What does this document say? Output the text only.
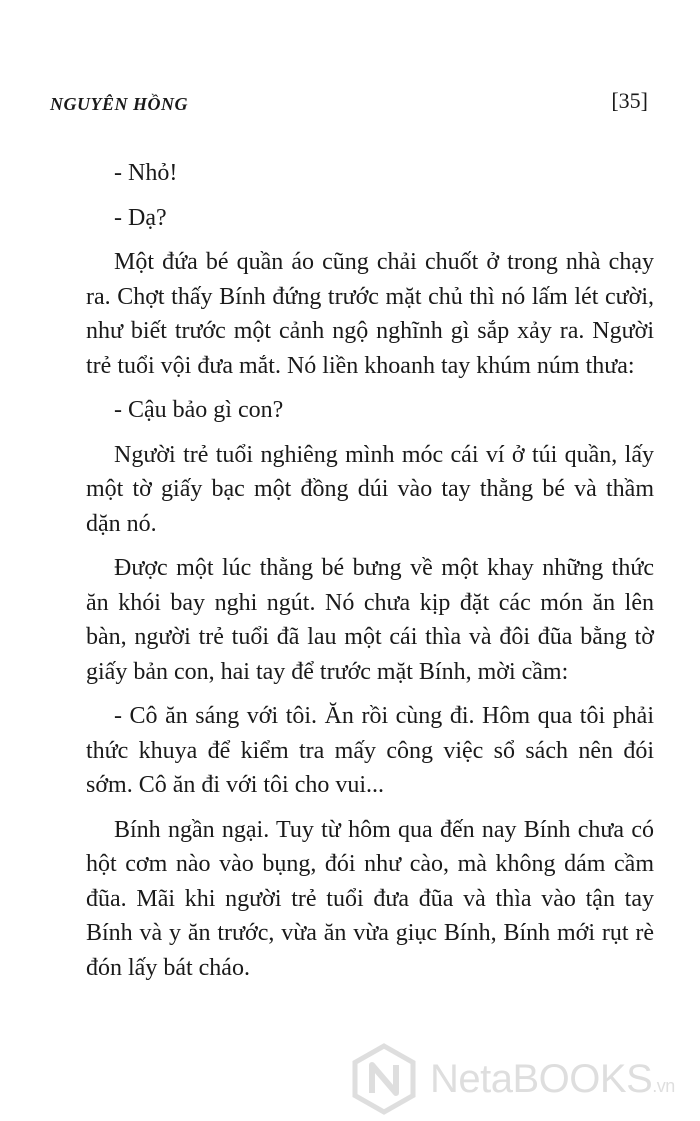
NGUYÊN HỒNG	[35]

- Nhỏ!

- Dạ?

Một đứa bé quần áo cũng chải chuốt ở trong nhà chạy ra. Chợt thấy Bính đứng trước mặt chủ thì nó lấm lét cười, như biết trước một cảnh ngộ nghĩnh gì sắp xảy ra. Người trẻ tuổi vội đưa mắt. Nó liền khoanh tay khúm núm thưa:

- Cậu bảo gì con?

Người trẻ tuổi nghiêng mình móc cái ví ở túi quần, lấy một tờ giấy bạc một đồng dúi vào tay thằng bé và thầm dặn nó.

Được một lúc thằng bé bưng về một khay những thức ăn khói bay nghi ngút. Nó chưa kịp đặt các món ăn lên bàn, người trẻ tuổi đã lau một cái thìa và đôi đũa bằng tờ giấy bản con, hai tay để trước mặt Bính, mời cầm:

- Cô ăn sáng với tôi. Ăn rồi cùng đi. Hôm qua tôi phải thức khuya để kiểm tra mấy công việc sổ sách nên đói sớm. Cô ăn đi với tôi cho vui...

Bính ngần ngại. Tuy từ hôm qua đến nay Bính chưa có hột cơm nào vào bụng, đói như cào, mà không dám cầm đũa. Mãi khi người trẻ tuổi đưa đũa và thìa vào tận tay Bính và y ăn trước, vừa ăn vừa giục Bính, Bính mới rụt rè đón lấy bát cháo.

NetaBOOKS.vn
